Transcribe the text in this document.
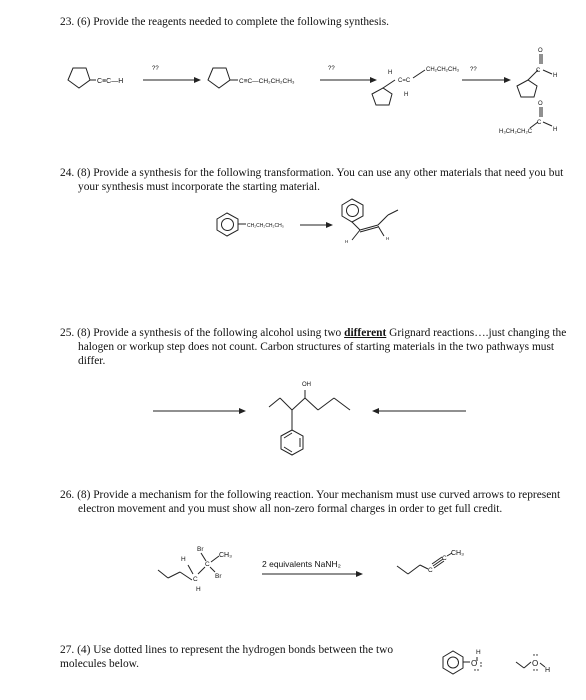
23. (6) Provide the reagents needed to complete the following synthesis.
24. (8) Provide a synthesis for the following transformation. You can use any other materials that need you but your synthesis must incorporate the starting material.
25. (8) Provide a synthesis of the following alcohol using two different Grignard reactions….just changing the halogen or workup step does not count. Carbon structures of starting materials in the two pathways must differ.
26. (8) Provide a mechanism for the following reaction. Your mechanism must use curved arrows to represent electron movement and you must show all non-zero formal charges in order to get full credit.
27. (4) Use dotted lines to represent the hydrogen bonds between the two molecules below.
C≡C—H
??
C≡C—CH₂CH₂CH₃
??
H
C=C
CH₂CH₂CH₃
H
??	C
O
H
H₃CH₂CH₂C
C
O
H
CH₂CH₂CH₂CH₃
H
H
OH
Br
H
C
CH₃
Br
C
H
2 equivalents NaNH₂
C
C
CH₃
O
H
O
H
